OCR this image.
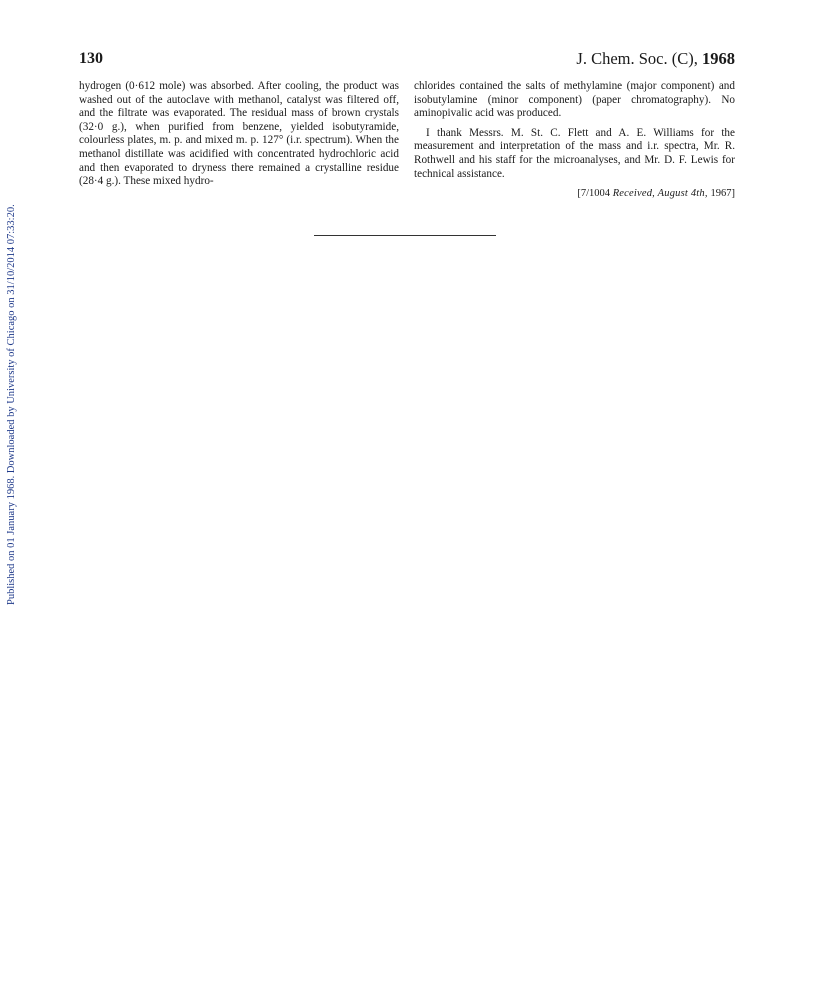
Published on 01 January 1968. Downloaded by University of Chicago on 31/10/2014 07:33:20.
130	J. Chem. Soc. (C), 1968

hydrogen (0·612 mole) was absorbed. After cooling, the product was washed out of the autoclave with methanol, catalyst was filtered off, and the filtrate was evaporated. The residual mass of brown crystals (32·0 g.), when purified from benzene, yielded isobutyramide, colourless plates, m. p. and mixed m. p. 127° (i.r. spectrum). When the methanol distillate was acidified with concentrated hydrochloric acid and then evaporated to dryness there remained a crystalline residue (28·4 g.). These mixed hydro-

chlorides contained the salts of methylamine (major component) and isobutylamine (minor component) (paper chromatography). No aminopivalic acid was produced.

I thank Messrs. M. St. C. Flett and A. E. Williams for the measurement and interpretation of the mass and i.r. spectra, Mr. R. Rothwell and his staff for the microanalyses, and Mr. D. F. Lewis for technical assistance.

[7/1004 Received, August 4th, 1967]
